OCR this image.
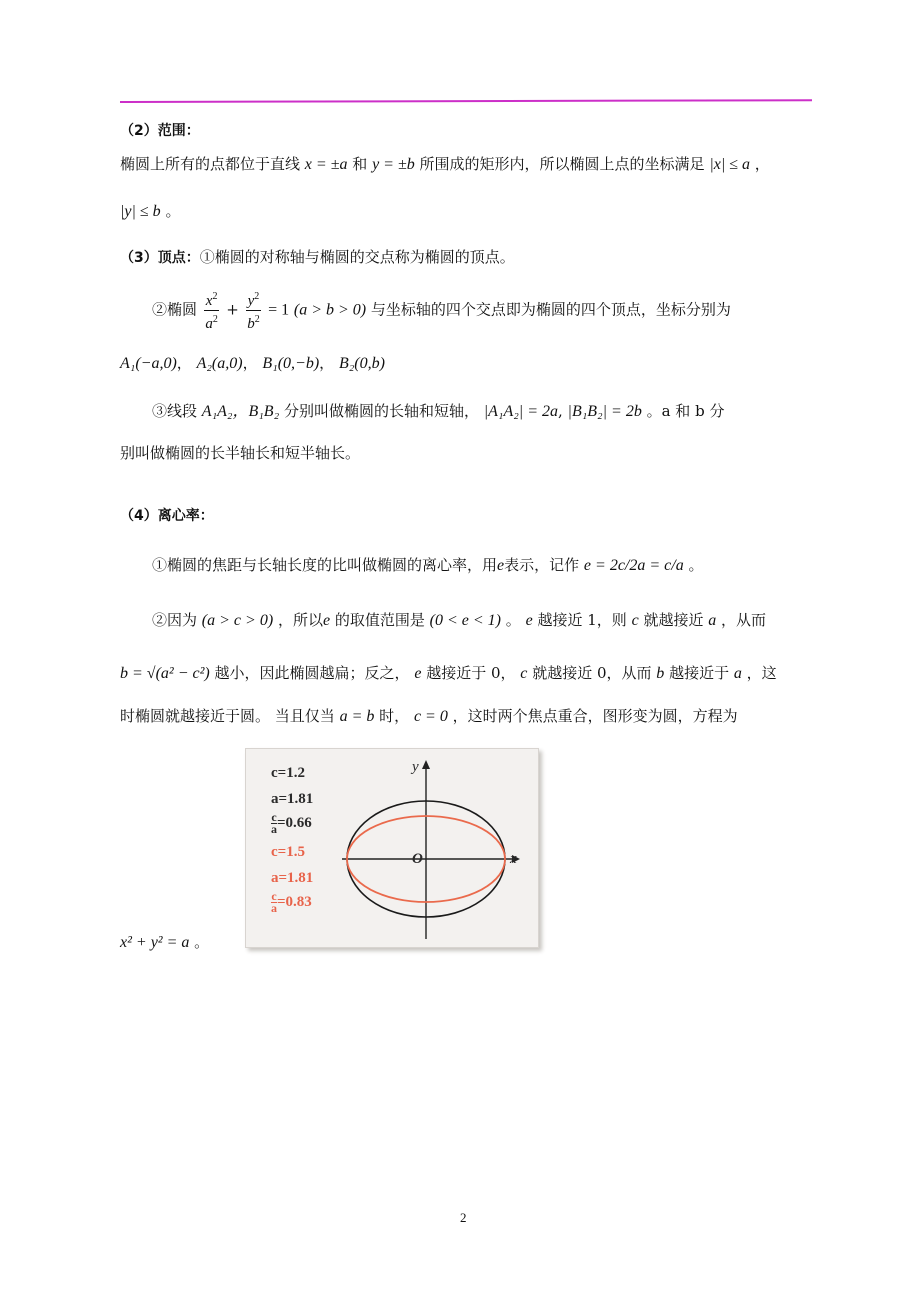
（2）范围：
椭圆上所有的点都位于直线 x = ±a 和 y = ±b 所围成的矩形内，所以椭圆上点的坐标满足 |x| ≤ a ，
|y| ≤ b 。
（3）顶点：①椭圆的对称轴与椭圆的交点称为椭圆的顶点。
②椭圆 $\frac{x^2}{a^2} + \frac{y^2}{b^2} = 1$ (a > b > 0) 与坐标轴的四个交点即为椭圆的四个顶点，坐标分别为
A₁(−a,0)， A₂(a,0)， B₁(0,−b)， B₂(0,b)
③线段 A₁A₂，B₁B₂ 分别叫做椭圆的长轴和短轴， |A₁A₂| = 2a, |B₁B₂| = 2b 。a 和 b 分
别叫做椭圆的长半轴长和短半轴长。
（4）离心率：
①椭圆的焦距与长轴长度的比叫做椭圆的离心率，用e表示，记作 e = 2c/2a = c/a 。
②因为 (a > c > 0) ，所以e 的取值范围是 (0 < e < 1) 。 e 越接近 1，则 c 就越接近 a ，从而
b = √(a² − c²) 越小，因此椭圆越扁；反之， e 越接近于 0， c 就越接近 0，从而 b 越接近于 a ，这
时椭圆就越接近于圆。 当且仅当 a = b 时， c = 0 ，这时两个焦点重合，图形变为圆，方程为
x² + y² = a 。
O	x
y
c=1.2
a=1.81
$\frac{c}{a} =0.66$
c=1.5
a=1.81
$\frac{c}{a} =0.83$
2
